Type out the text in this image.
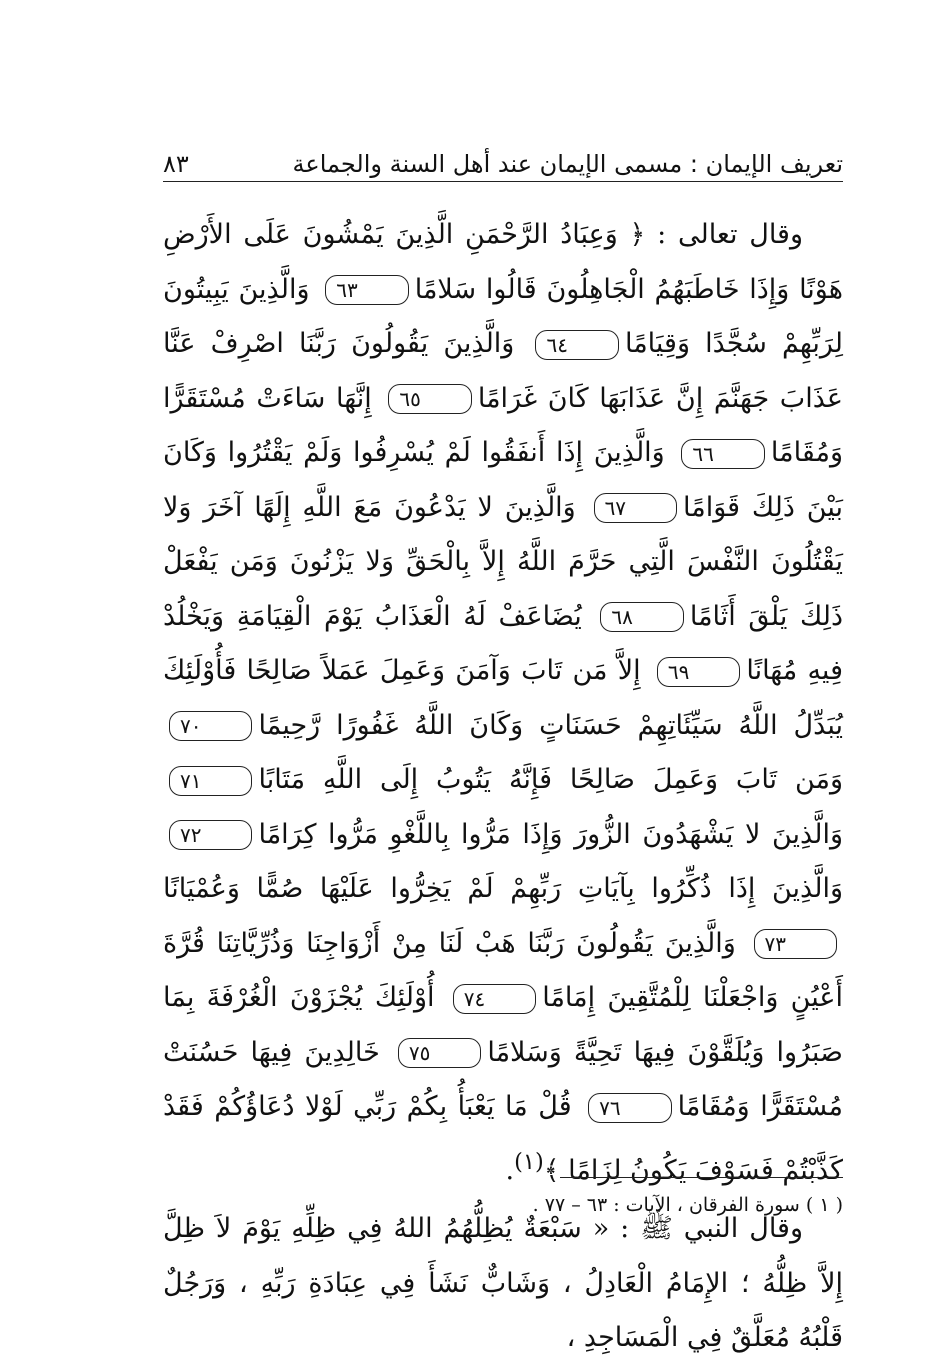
تعريف الإيمان : مسمى الإيمان عند أهل السنة والجماعة
٨٣

وقال تعالى : ﴿ وَعِبَادُ الرَّحْمَنِ الَّذِينَ يَمْشُونَ عَلَى الأَرْضِ هَوْنًا وَإِذَا خَاطَبَهُمُ الْجَاهِلُونَ قَالُوا سَلامًا٦٣ وَالَّذِينَ يَبِيتُونَ لِرَبِّهِمْ سُجَّدًا وَقِيَامًا٦٤ وَالَّذِينَ يَقُولُونَ رَبَّنَا اصْرِفْ عَنَّا عَذَابَ جَهَنَّمَ إِنَّ عَذَابَهَا كَانَ غَرَامًا٦٥ إِنَّهَا سَاءَتْ مُسْتَقَرًّا وَمُقَامًا٦٦ وَالَّذِينَ إِذَا أَنفَقُوا لَمْ يُسْرِفُوا وَلَمْ يَقْتُرُوا وَكَانَ بَيْنَ ذَلِكَ قَوَامًا٦٧ وَالَّذِينَ لا يَدْعُونَ مَعَ اللَّهِ إِلَهًا آخَرَ وَلا يَقْتُلُونَ النَّفْسَ الَّتِي حَرَّمَ اللَّهُ إِلاَّ بِالْحَقِّ وَلا يَزْنُونَ وَمَن يَفْعَلْ ذَلِكَ يَلْقَ أَثَامًا٦٨ يُضَاعَفْ لَهُ الْعَذَابُ يَوْمَ الْقِيَامَةِ وَيَخْلُدْ فِيهِ مُهَانًا٦٩ إِلاَّ مَن تَابَ وَآمَنَ وَعَمِلَ عَمَلاً صَالِحًا فَأُوْلَئِكَ يُبَدِّلُ اللَّهُ سَيِّئَاتِهِمْ حَسَنَاتٍ وَكَانَ اللَّهُ غَفُورًا رَّحِيمًا٧٠ وَمَن تَابَ وَعَمِلَ صَالِحًا فَإِنَّهُ يَتُوبُ إِلَى اللَّهِ مَتَابًا٧١ وَالَّذِينَ لا يَشْهَدُونَ الزُّورَ وَإِذَا مَرُّوا بِاللَّغْوِ مَرُّوا كِرَامًا٧٢ وَالَّذِينَ إِذَا ذُكِّرُوا بِآيَاتِ رَبِّهِمْ لَمْ يَخِرُّوا عَلَيْهَا صُمًّا وَعُمْيَانًا٧٣ وَالَّذِينَ يَقُولُونَ رَبَّنَا هَبْ لَنَا مِنْ أَزْوَاجِنَا وَذُرِّيَّاتِنَا قُرَّةَ أَعْيُنٍ وَاجْعَلْنَا لِلْمُتَّقِينَ إِمَامًا٧٤ أُوْلَئِكَ يُجْزَوْنَ الْغُرْفَةَ بِمَا صَبَرُوا وَيُلَقَّوْنَ فِيهَا تَحِيَّةً وَسَلامًا٧٥ خَالِدِينَ فِيهَا حَسُنَتْ مُسْتَقَرًّا وَمُقَامًا٧٦ قُلْ مَا يَعْبَأُ بِكُمْ رَبِّي لَوْلا دُعَاؤُكُمْ فَقَدْ كَذَّبْتُمْ فَسَوْفَ يَكُونُ لِزَامًا ﴾$^{(١)}$.

وقال النبي ﷺ : « سَبْعَةٌ يُظِلُّهُمُ اللهُ فِي ظِلِّهِ يَوْمَ لاَ ظِلَّ إِلاَّ ظِلُّهُ ؛ الإِمَامُ الْعَادِلُ ، وَشَابٌّ نَشَأَ فِي عِبَادَةِ رَبِّهِ ، وَرَجُلٌ قَلْبُهُ مُعَلَّقٌ فِي الْمَسَاجِدِ ،

( ١ ) سورة الفرقان ، الآيات : ٦٣ – ٧٧ .
